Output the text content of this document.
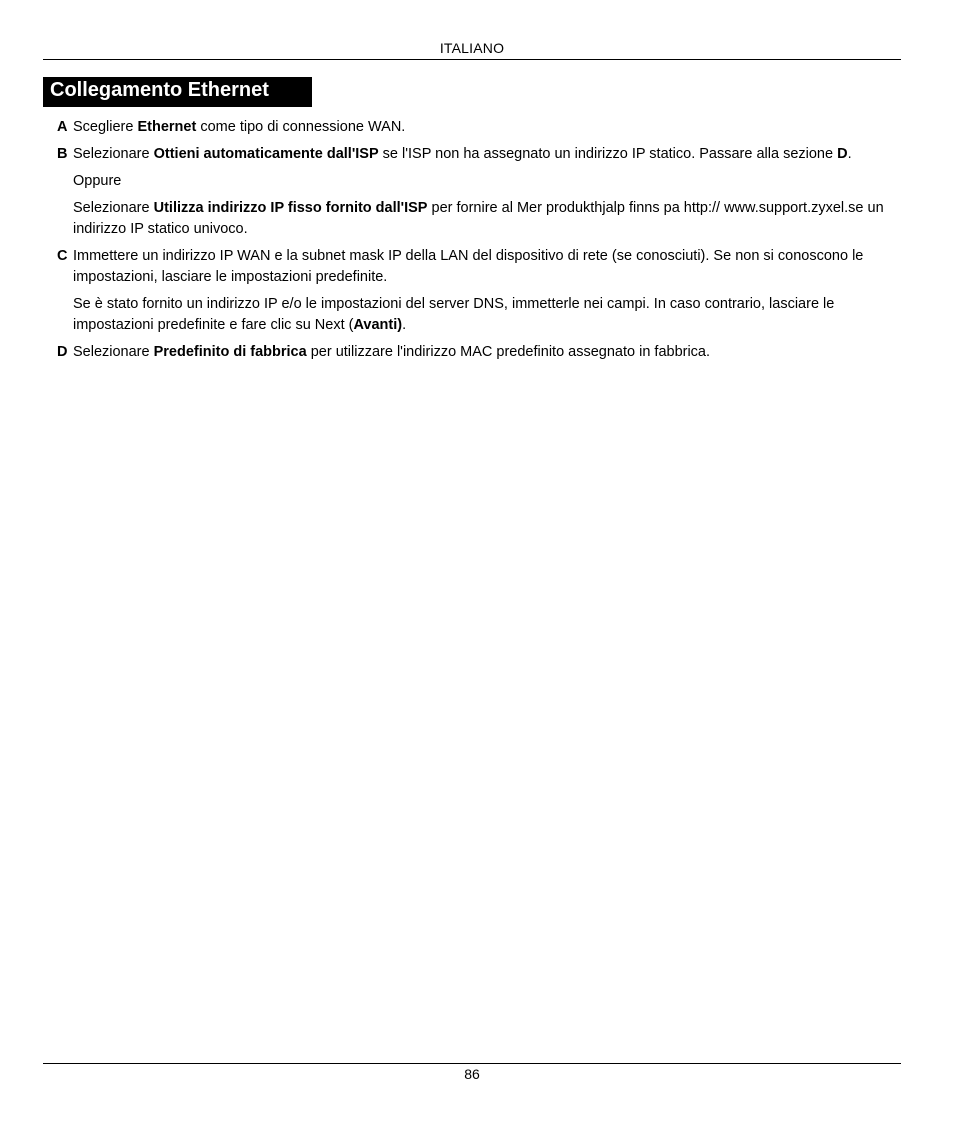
ITALIANO
Collegamento Ethernet
A Scegliere Ethernet come tipo di connessione WAN.
B Selezionare Ottieni automaticamente dall'ISP se l'ISP non ha assegnato un indirizzo IP statico. Passare alla sezione D.
Oppure
Selezionare Utilizza indirizzo IP fisso fornito dall'ISP per fornire al Mer produkthjalp finns pa http:// www.support.zyxel.se un indirizzo IP statico univoco.
C Immettere un indirizzo IP WAN e la subnet mask IP della LAN del dispositivo di rete (se conosciuti). Se non si conoscono le impostazioni, lasciare le impostazioni predefinite.
Se è stato fornito un indirizzo IP e/o le impostazioni del server DNS, immetterle nei campi. In caso contrario, lasciare le impostazioni predefinite e fare clic su Next (Avanti).
D Selezionare Predefinito di fabbrica per utilizzare l'indirizzo MAC predefinito assegnato in fabbrica.
86
